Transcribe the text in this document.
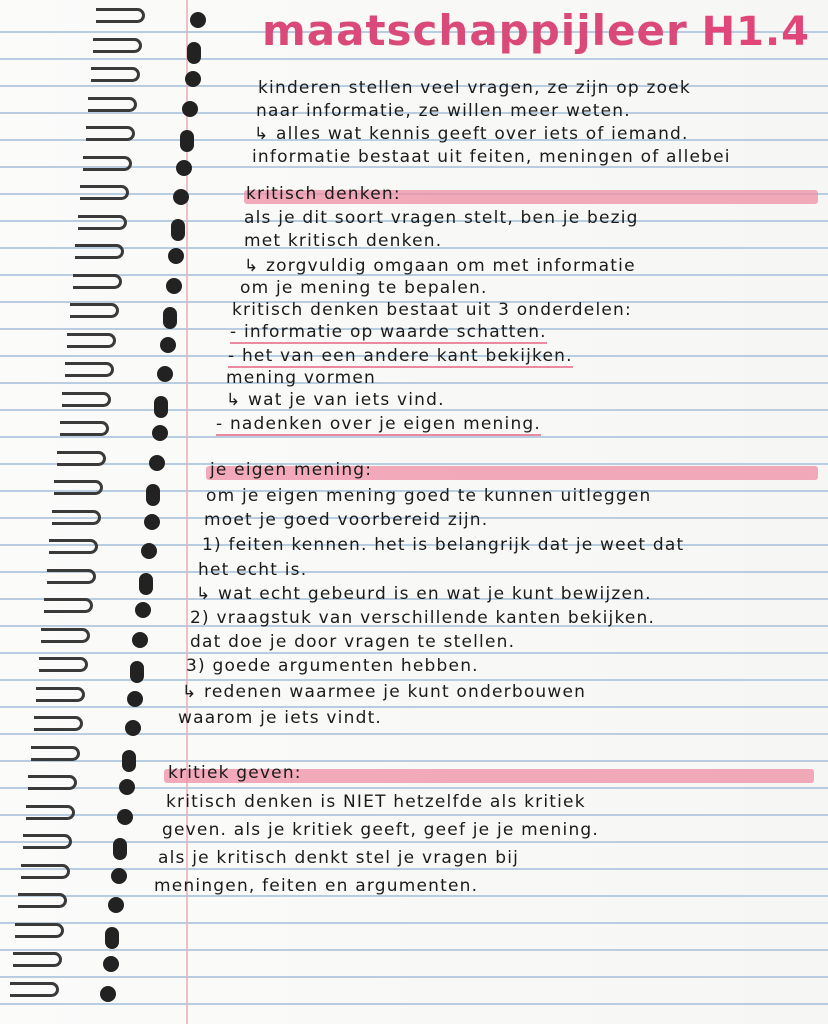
maatschappijleer H1.4
kinderen stellen veel vragen, ze zijn op zoek
naar informatie, ze willen meer weten.
↳ alles wat kennis geeft over iets of iemand.
informatie bestaat uit feiten, meningen of allebei
kritisch denken:
als je dit soort vragen stelt, ben je bezig
met kritisch denken.
↳ zorgvuldig omgaan om met informatie
om je mening te bepalen.
kritisch denken bestaat uit 3 onderdelen:
- informatie op waarde schatten.
- het van een andere kant bekijken.
mening vormen
↳ wat je van iets vind.
- nadenken over je eigen mening.
je eigen mening:
om je eigen mening goed te kunnen uitleggen
moet je goed voorbereid zijn.
1) feiten kennen. het is belangrijk dat je weet dat
het echt is.
↳ wat echt gebeurd is en wat je kunt bewijzen.
2) vraagstuk van verschillende kanten bekijken.
dat doe je door vragen te stellen.
3) goede argumenten hebben.
↳ redenen waarmee je kunt onderbouwen
waarom je iets vindt.
kritiek geven:
kritisch denken is NIET hetzelfde als kritiek
geven. als je kritiek geeft, geef je je mening.
als je kritisch denkt stel je vragen bij
meningen, feiten en argumenten.
